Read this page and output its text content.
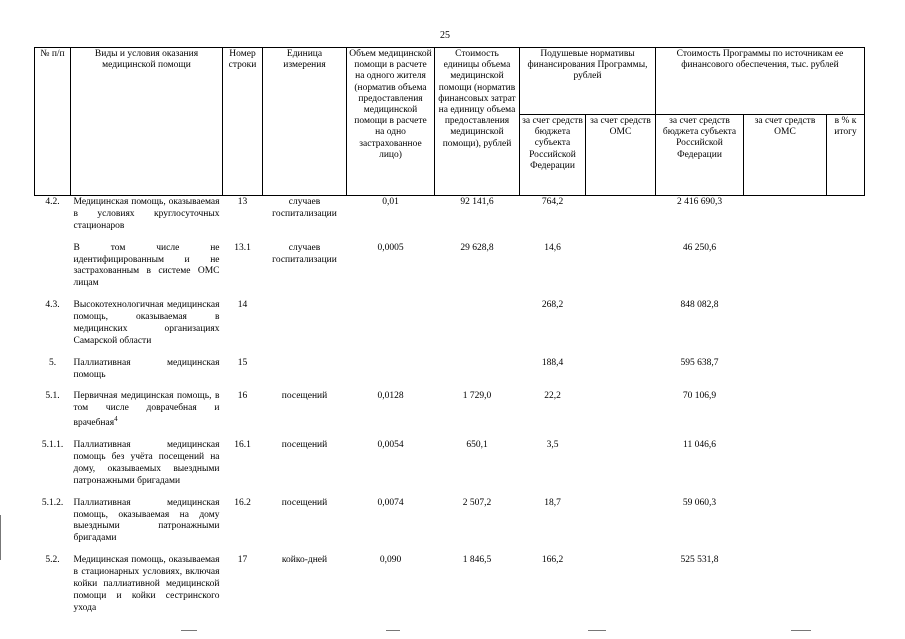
25
№ п/п	Виды и условия оказания медицинской помощи	Номер строки	Единица измерения	Объем медицинской помощи в расчете на одного жителя (норматив объема предоставления медицинской помощи в расчете на одно застрахованное лицо)	Стоимость единицы объема медицинской помощи (норматив финансовых затрат на единицу объема предоставления медицинской помощи), рублей	Подушевые нормативы финансирования Программы, рублей		Стоимость Программы по источникам ее финансового обеспечения, тыс. рублей		
						за счет средств бюджета субъекта Российской Федерации	за счет средств ОМС	за счет средств бюджета субъекта Российской Федерации	за счет средств ОМС	в % к итогу
4.2.	Медицинская помощь, оказываемая в условиях круглосуточных стационаров	13	случаев госпитализации	0,01	92 141,6	764,2		2 416 690,3		
	В том числе не идентифицированным и не застрахованным в системе ОМС лицам	13.1	случаев госпитализации	0,0005	29 628,8	14,6		46 250,6		
4.3.	Высокотехнологичная медицинская помощь, оказываемая в медицинских организациях Самарской области	14				268,2		848 082,8		
5.	Паллиативная медицинская помощь	15				188,4		595 638,7		
5.1.	Первичная медицинская помощь, в том числе доврачебная и врачебная$^4$	16	посещений	0,0128	1 729,0	22,2		70 106,9		
5.1.1.	Паллиативная медицинская помощь без учёта посещений на дому, оказываемых выездными патронажными бригадами	16.1	посещений	0,0054	650,1	3,5		11 046,6		
5.1.2.	Паллиативная медицинская помощь, оказываемая на дому выездными патронажными бригадами	16.2	посещений	0,0074	2 507,2	18,7		59 060,3		
5.2.	Медицинская помощь, оказываемая в стационарных условиях, включая койки паллиативной медицинской помощи и койки сестринского ухода	17	койко-дней	0,090	1 846,5	166,2		525 531,8		
